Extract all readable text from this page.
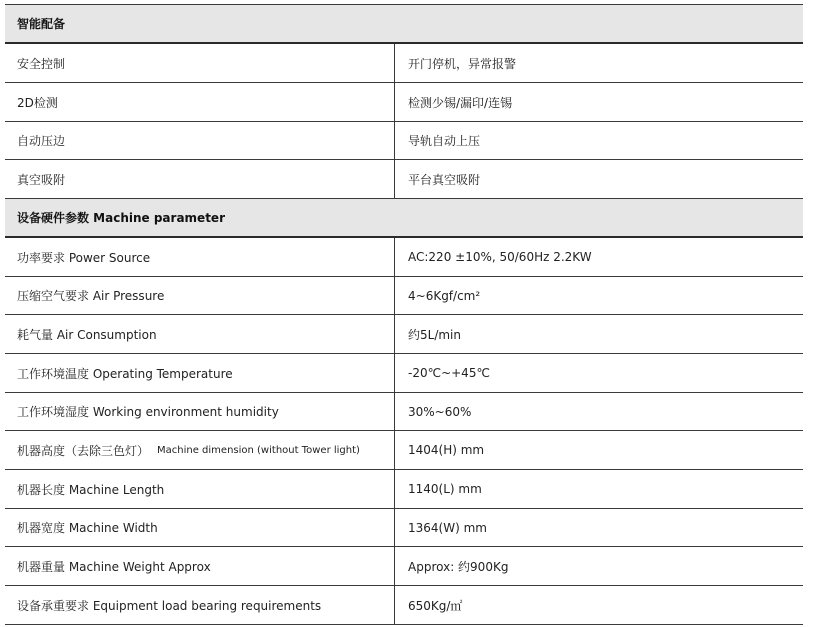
智能配备
安全控制	开门停机，异常报警
2D检测	检测少锡/漏印/连锡
自动压边	导轨自动上压
真空吸附	平台真空吸附
设备硬件参数 Machine parameter
功率要求 Power Source	AC:220 ±10%, 50/60Hz 2.2KW
压缩空气要求 Air Pressure	4~6Kgf/cm²
耗气量 Air Consumption	约5L/min
工作环境温度 Operating Temperature	-20℃~+45℃
工作环境湿度 Working environment humidity	30%~60%
机器高度（去除三色灯） Machine dimension (without Tower light)	1404(H) mm
机器长度 Machine Length	1140(L) mm
机器宽度 Machine Width	1364(W) mm
机器重量 Machine Weight Approx	Approx: 约900Kg
设备承重要求 Equipment load bearing requirements	650Kg/㎡
